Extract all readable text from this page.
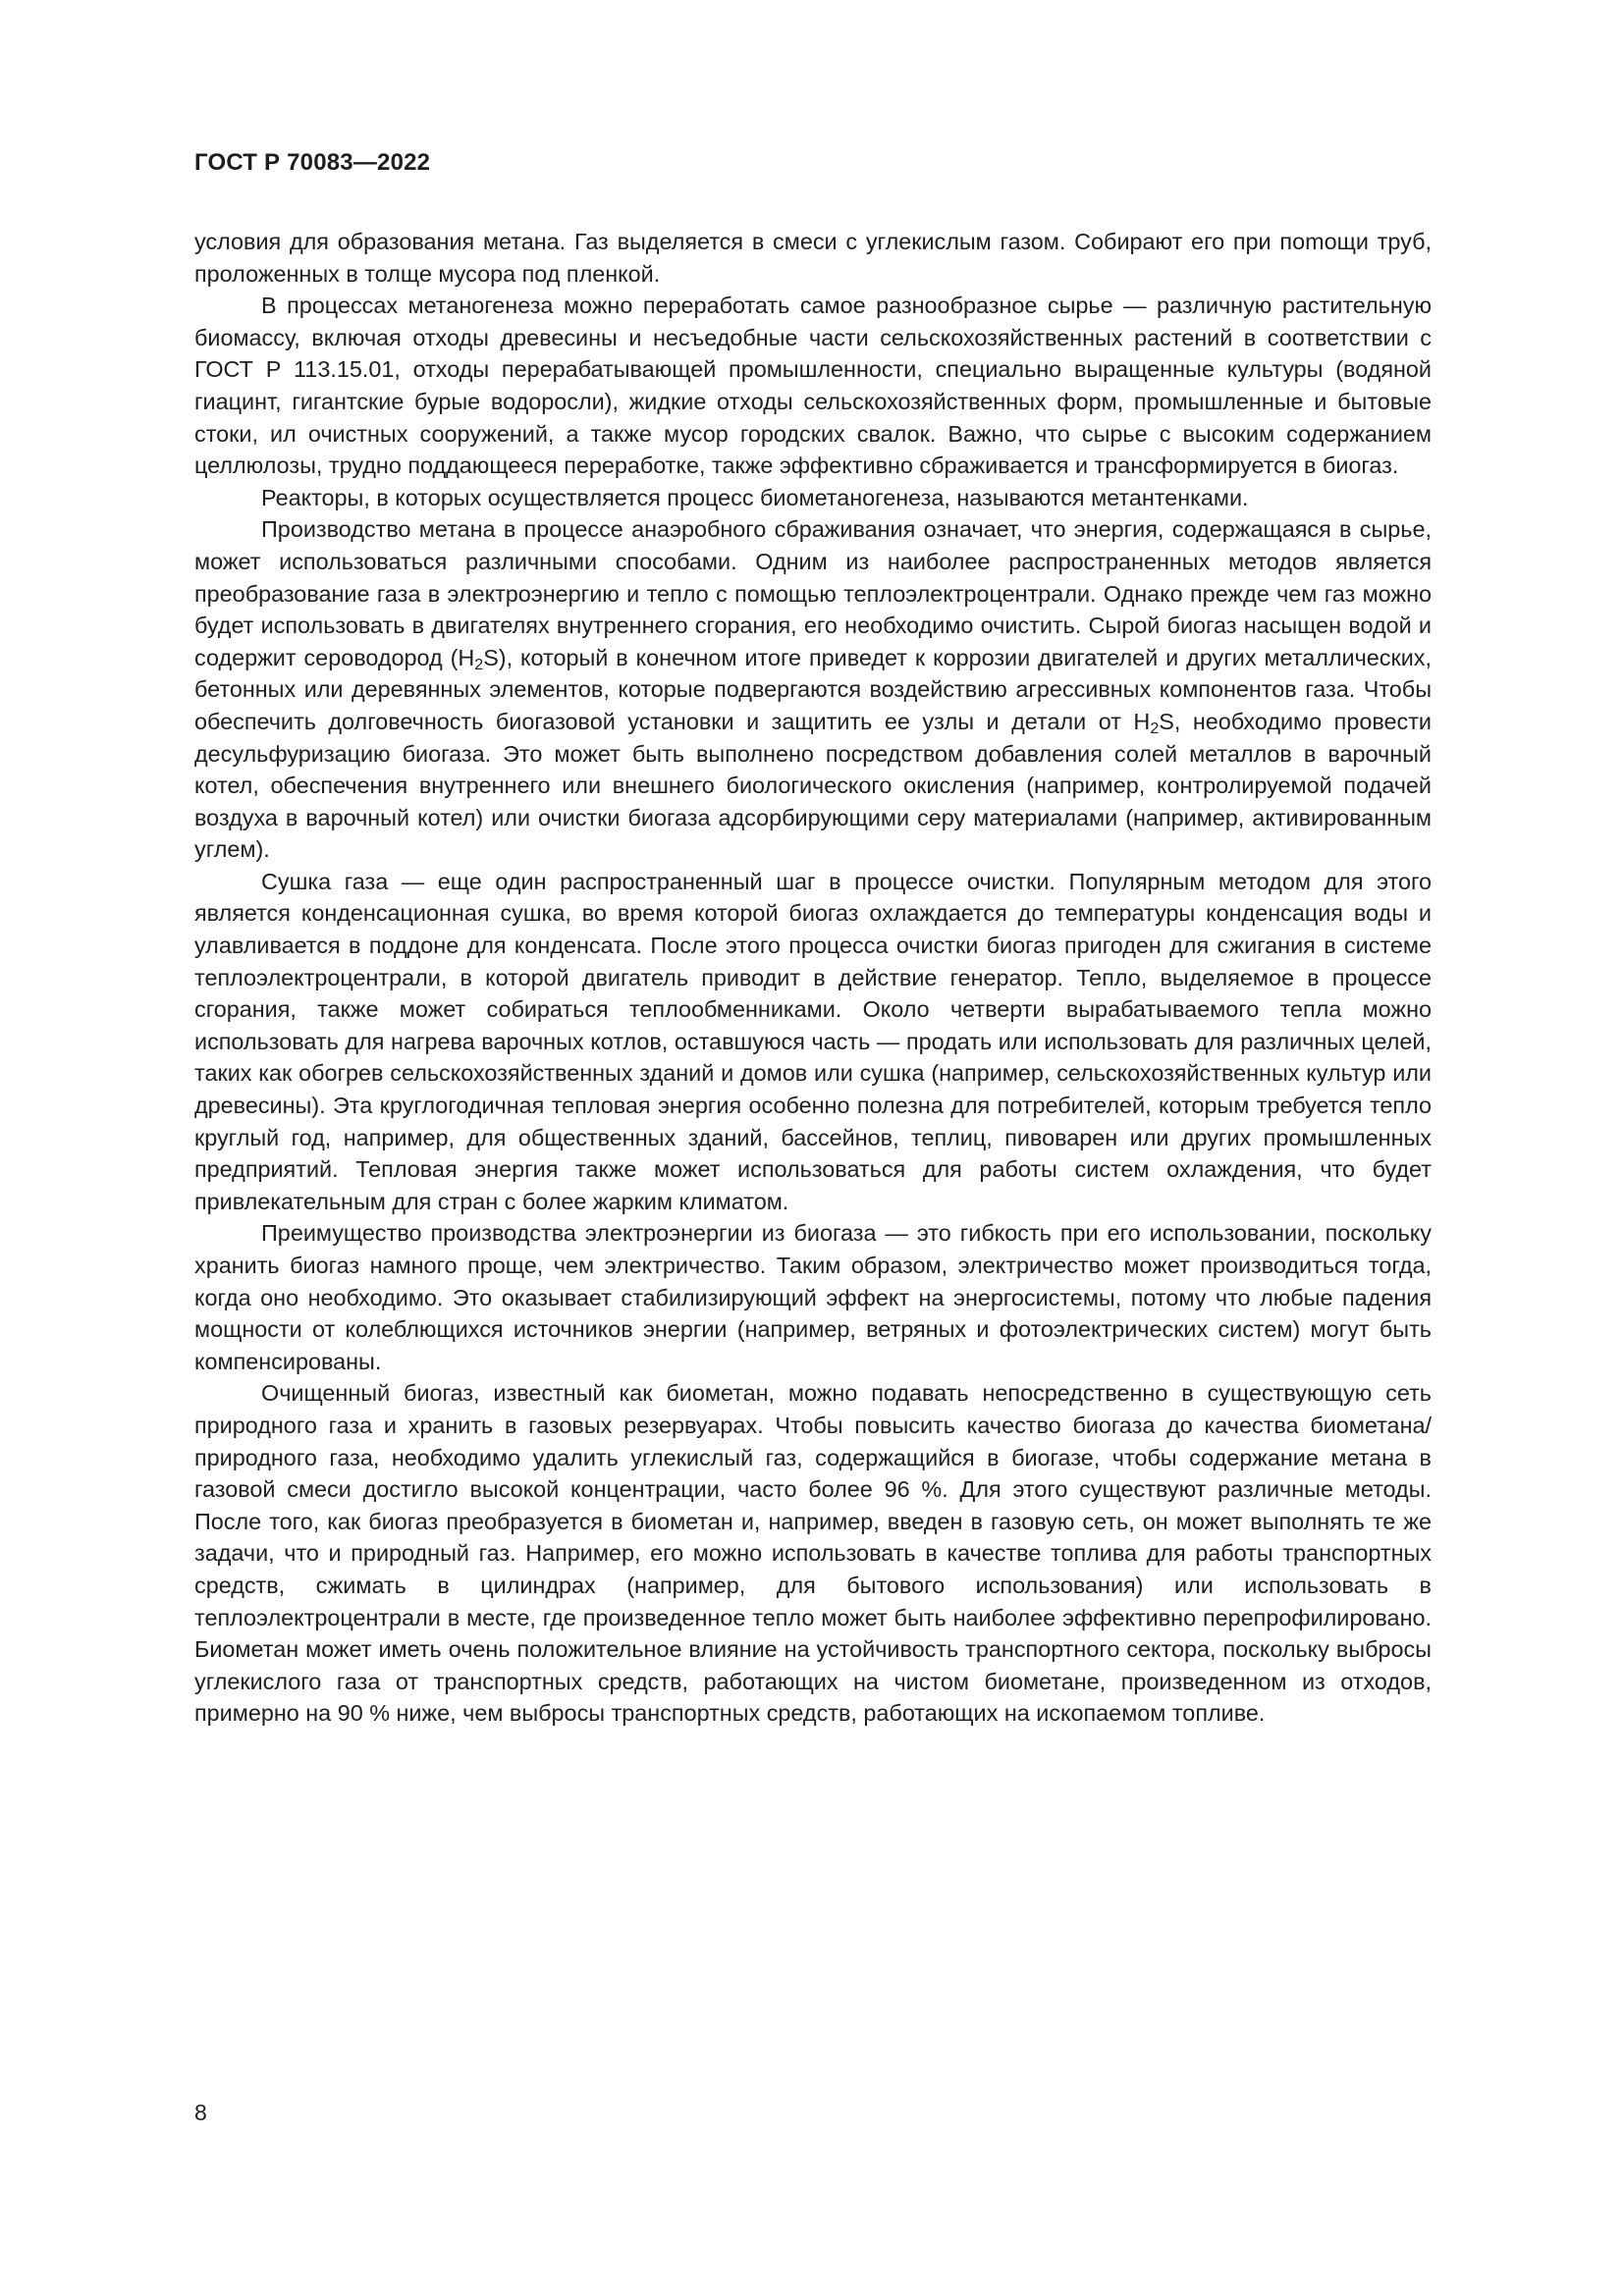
ГОСТ Р 70083—2022

условия для образования метана. Газ выделяется в смеси с углекислым газом. Собирают его при поmощи труб, проложенных в толще мусора под пленкой.

В процессах метаногенеза можно переработать самое разнообразное сырье — различную растительную биомассу, включая отходы древесины и несъедобные части сельскохозяйственных растений в соответствии с ГОСТ Р 113.15.01, отходы перерабатывающей промышленности, специально выращенные культуры (водяной гиацинт, гигантские бурые водоросли), жидкие отходы сельскохозяйственных форм, промышленные и бытовые стоки, ил очистных сооружений, а также мусор городских свалок. Важно, что сырье с высоким содержанием целлюлозы, трудно поддающееся переработке, также эффективно сбраживается и трансформируется в биогаз.

Реакторы, в которых осуществляется процесс биометаногенеза, называются метантенками.

Производство метана в процессе анаэробного сбраживания означает, что энергия, содержащаяся в сырье, может использоваться различными способами. Одним из наиболее распространенных методов является преобразование газа в электроэнергию и тепло с помощью теплоэлектроцентрали. Однако прежде чем газ можно будет использовать в двигателях внутреннего сгорания, его необходимо очистить. Сырой биогаз насыщен водой и содержит сероводород $(H_2S)$, который в конечном итоге приведет к коррозии двигателей и других металлических, бетонных или деревянных элементов, которые подвергаются воздействию агрессивных компонентов газа. Чтобы обеспечить долговечность биогазовой установки и защитить ее узлы и детали от $H_2S$, необходимо провести десульфуризацию биогаза. Это может быть выполнено посредством добавления солей металлов в варочный котел, обеспечения внутреннего или внешнего биологического окисления (например, контролируемой подачей воздуха в варочный котел) или очистки биогаза адсорбирующими серу материалами (например, активированным углем).

Сушка газа — еще один распространенный шаг в процессе очистки. Популярным методом для этого является конденсационная сушка, во время которой биогаз охлаждается до температуры конденсация воды и улавливается в поддоне для конденсата. После этого процесса очистки биогаз пригоден для сжигания в системе теплоэлектроцентрали, в которой двигатель приводит в действие генератор. Тепло, выделяемое в процессе сгорания, также может собираться теплообменниками. Около четверти вырабатываемого тепла можно использовать для нагрева варочных котлов, оставшуюся часть — продать или использовать для различных целей, таких как обогрев сельскохозяйственных зданий и домов или сушка (например, сельскохозяйственных культур или древесины). Эта круглогодичная тепловая энергия особенно полезна для потребителей, которым требуется тепло круглый год, например, для общественных зданий, бассейнов, теплиц, пивоварен или других промышленных предприятий. Тепловая энергия также может использоваться для работы систем охлаждения, что будет привлекательным для стран с более жарким климатом.

Преимущество производства электроэнергии из биогаза — это гибкость при его использовании, поскольку хранить биогаз намного проще, чем электричество. Таким образом, электричество может производиться тогда, когда оно необходимо. Это оказывает стабилизирующий эффект на энергосистемы, потому что любые падения мощности от колеблющихся источников энергии (например, ветряных и фотоэлектрических систем) могут быть компенсированы.

Очищенный биогаз, известный как биометан, можно подавать непосредственно в существующую сеть природного газа и хранить в газовых резервуарах. Чтобы повысить качество биогаза до качества биометана/природного газа, необходимо удалить углекислый газ, содержащийся в биогазе, чтобы содержание метана в газовой смеси достигло высокой концентрации, часто более 96 %. Для этого существуют различные методы. После того, как биогаз преобразуется в биометан и, например, введен в газовую сеть, он может выполнять те же задачи, что и природный газ. Например, его можно использовать в качестве топлива для работы транспортных средств, сжимать в цилиндрах (например, для бытового использования) или использовать в теплоэлектроцентрали в месте, где произведенное тепло может быть наиболее эффективно перепрофилировано. Биометан может иметь очень положительное влияние на устойчивость транспортного сектора, поскольку выбросы углекислого газа от транспортных средств, работающих на чистом биометане, произведенном из отходов, примерно на 90 % ниже, чем выбросы транспортных средств, работающих на ископаемом топливе.

8
